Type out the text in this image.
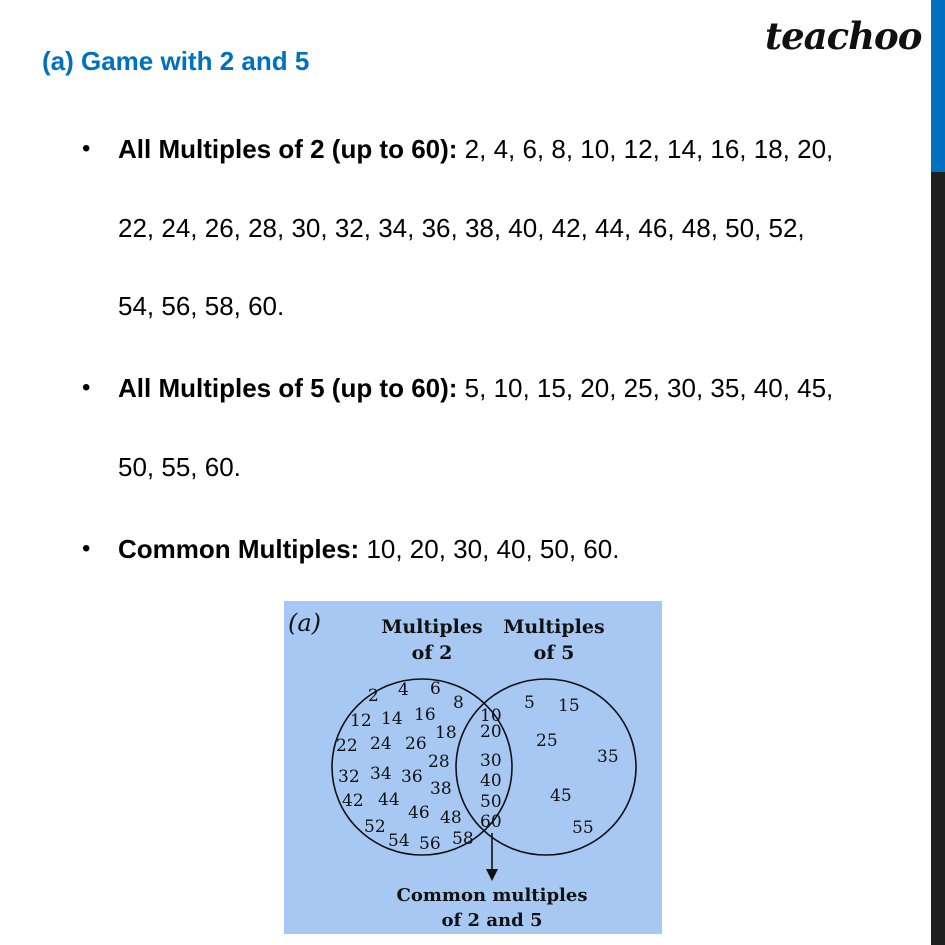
teachoo
(a) Game with 2 and 5
• All Multiples of 2 (up to 60): 2, 4, 6, 8, 10, 12, 14, 16, 18, 20,
22, 24, 26, 28, 30, 32, 34, 36, 38, 40, 42, 44, 46, 48, 50, 52,
54, 56, 58, 60.
• All Multiples of 5 (up to 60): 5, 10, 15, 20, 25, 30, 35, 40, 45,
50, 55, 60.
• Common Multiples: 10, 20, 30, 40, 50, 60.
(a)	Multiples
of 2
Multiples
of 5
2 4 6
8
12 14 16
18
22 24 26
28
32 34 36
38
42 44
46 48
52
54 56 58
10
20
30
40
50
60
5 15
25
35
45
55
Common multiples
of 2 and 5
